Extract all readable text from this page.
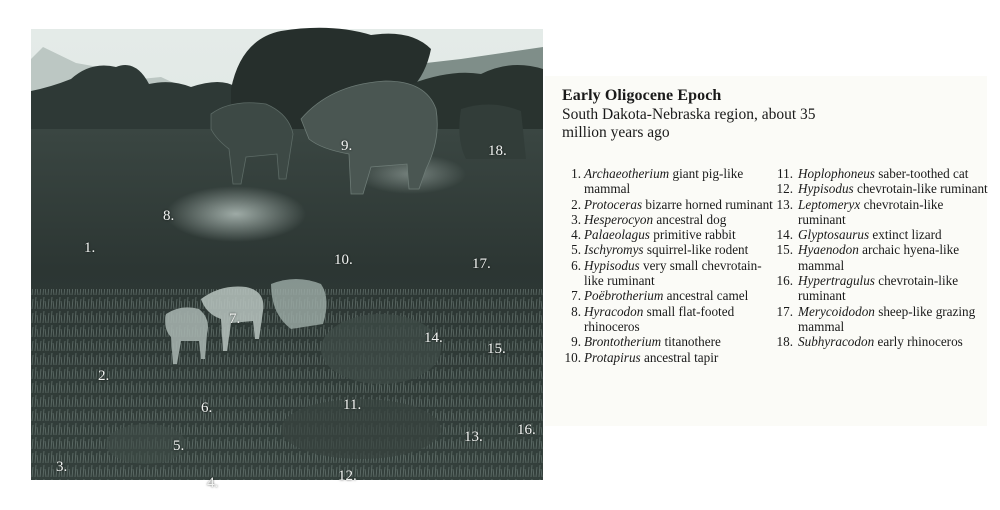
1.
2.
3.
4.
5.
6.
7.
8.
9.
10.
11.
12.
13.
14.
15.
16.
17.
18.
Early Oligocene Epoch
South Dakota-Nebraska region, about 35 million years ago

1. Archaeotherium giant pig-like mammal

2. Protoceras bizarre horned ruminant

3. Hesperocyon ancestral dog

4. Palaeolagus primitive rabbit

5. Ischyromys squirrel-like rodent

6. Hypisodus very small chevrotain-like ruminant

7. Poëbrotherium ancestral camel

8. Hyracodon small flat-footed rhinoceros

9. Brontotherium titanothere

10. Protapirus ancestral tapir

11. Hoplophoneus saber-toothed cat

12. Hypisodus chevrotain-like ruminant

13. Leptomeryx chevrotain-like ruminant

14. Glyptosaurus extinct lizard

15. Hyaenodon archaic hyena-like mammal

16. Hypertragulus chevrotain-like ruminant

17. Merycoidodon sheep-like grazing mammal

18. Subhyracodon early rhinoceros
